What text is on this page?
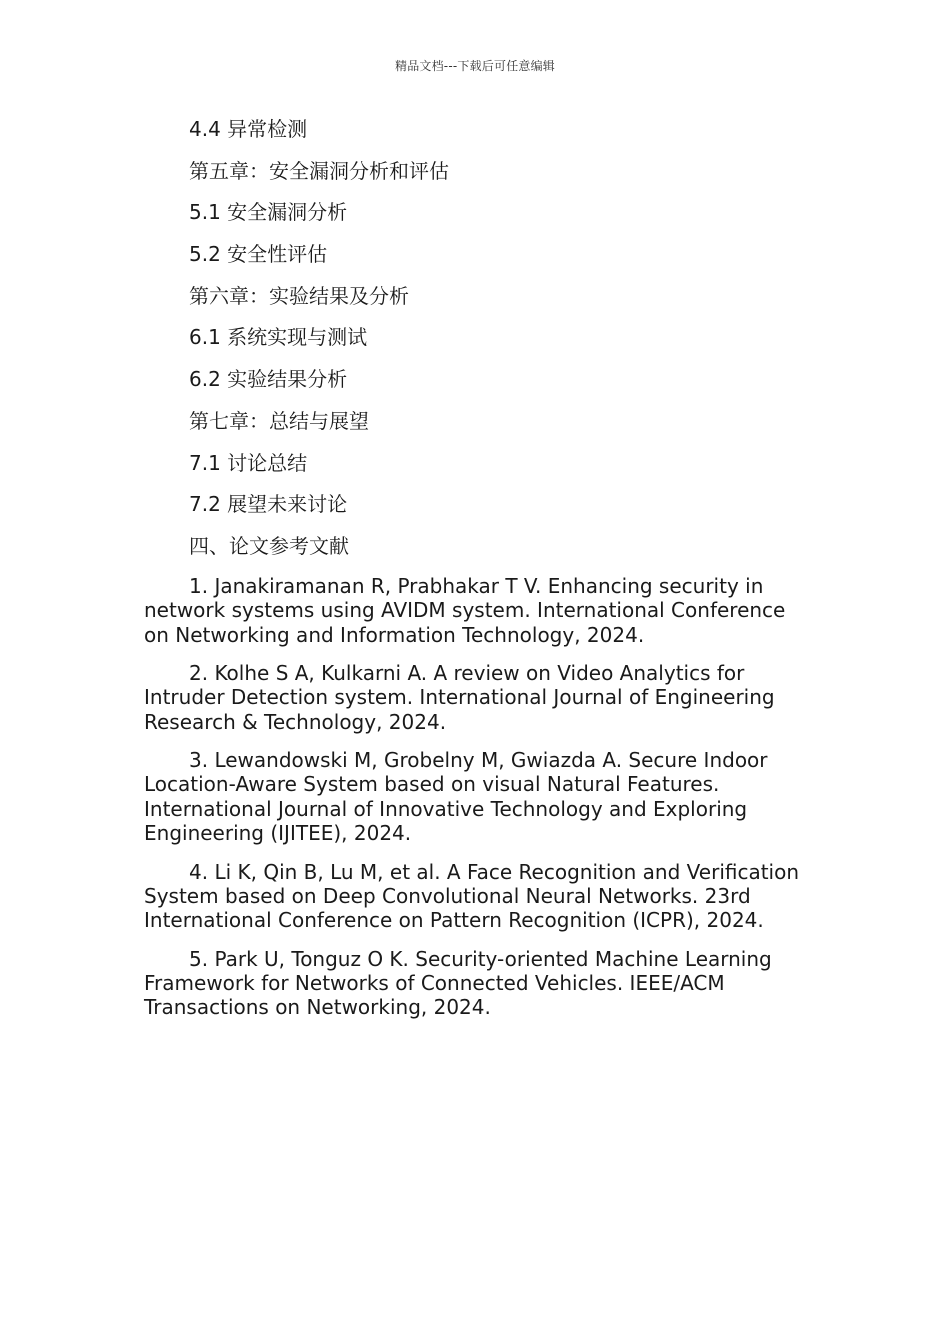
精品文档---下载后可任意编辑
4.4 异常检测
第五章：安全漏洞分析和评估
5.1 安全漏洞分析
5.2 安全性评估
第六章：实验结果及分析
6.1 系统实现与测试
6.2 实验结果分析
第七章：总结与展望
7.1 讨论总结
7.2 展望未来讨论
四、论文参考文献

1. Janakiramanan R, Prabhakar T V. Enhancing security in network systems using AVIDM system. International Conference on Networking and Information Technology, 2024.

2. Kolhe S A, Kulkarni A. A review on Video Analytics for Intruder Detection system. International Journal of Engineering Research & Technology, 2024.

3. Lewandowski M, Grobelny M, Gwiazda A. Secure Indoor Location-Aware System based on visual Natural Features. International Journal of Innovative Technology and Exploring Engineering (IJITEE), 2024.

4. Li K, Qin B, Lu M, et al. A Face Recognition and Verification System based on Deep Convolutional Neural Networks. 23rd International Conference on Pattern Recognition (ICPR), 2024.

5. Park U, Tonguz O K. Security-oriented Machine Learning Framework for Networks of Connected Vehicles. IEEE/ACM Transactions on Networking, 2024.
